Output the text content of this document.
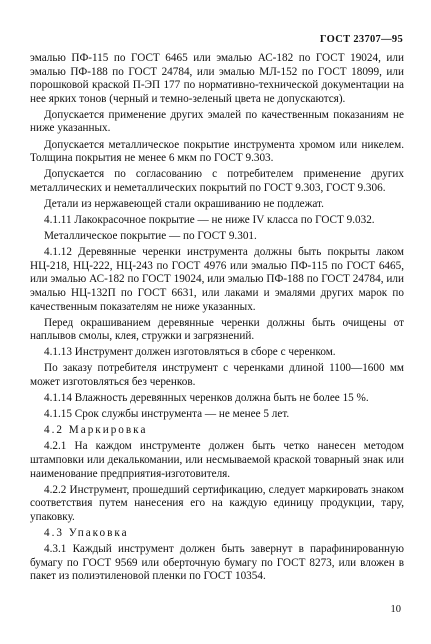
ГОСТ 23707—95

эмалью ПФ-115 по ГОСТ 6465 или эмалью АС-182 по ГОСТ 19024, или эмалью ПФ-188 по ГОСТ 24784, или эмалью МЛ-152 по ГОСТ 18099, или порошковой краской П-ЭП 177 по нормативно-технической документации на нее ярких тонов (черный и темно-зеленый цвета не допускаются).

Допускается применение других эмалей по качественным показаниям не ниже указанных.

Допускается металлическое покрытие инструмента хромом или никелем. Толщина покрытия не менее 6 мкм по ГОСТ 9.303.

Допускается по согласованию с потребителем применение других металлических и неметаллических покрытий по ГОСТ 9.303, ГОСТ 9.306.

Детали из нержавеющей стали окрашиванию не подлежат.

4.1.11 Лакокрасочное покрытие — не ниже IV класса по ГОСТ 9.032.

Металлическое покрытие — по ГОСТ 9.301.

4.1.12 Деревянные черенки инструмента должны быть покрыты лаком НЦ-218, НЦ-222, НЦ-243 по ГОСТ 4976 или эмалью ПФ-115 по ГОСТ 6465, или эмалью АС-182 по ГОСТ 19024, или эмалью ПФ-188 по ГОСТ 24784, или эмалью НЦ-132П по ГОСТ 6631, или лаками и эмалями других марок по качественным показателям не ниже указанных.

Перед окрашиванием деревянные черенки должны быть очищены от наплывов смолы, клея, стружки и загрязнений.

4.1.13 Инструмент должен изготовляться в сборе с черенком.

По заказу потребителя инструмент с черенками длиной 1100—1600 мм может изготовляться без черенков.

4.1.14 Влажность деревянных черенков должна быть не более 15 %.

4.1.15 Срок службы инструмента — не менее 5 лет.

4.2 Маркировка

4.2.1 На каждом инструменте должен быть четко нанесен методом штамповки или декалькомании, или несмываемой краской товарный знак или наименование предприятия-изготовителя.

4.2.2 Инструмент, прошедший сертификацию, следует маркировать знаком соответствия путем нанесения его на каждую единицу продукции, тару, упаковку.

4.3 Упаковка

4.3.1 Каждый инструмент должен быть завернут в парафинированную бумагу по ГОСТ 9569 или оберточную бумагу по ГОСТ 8273, или вложен в пакет из полиэтиленовой пленки по ГОСТ 10354.

10
